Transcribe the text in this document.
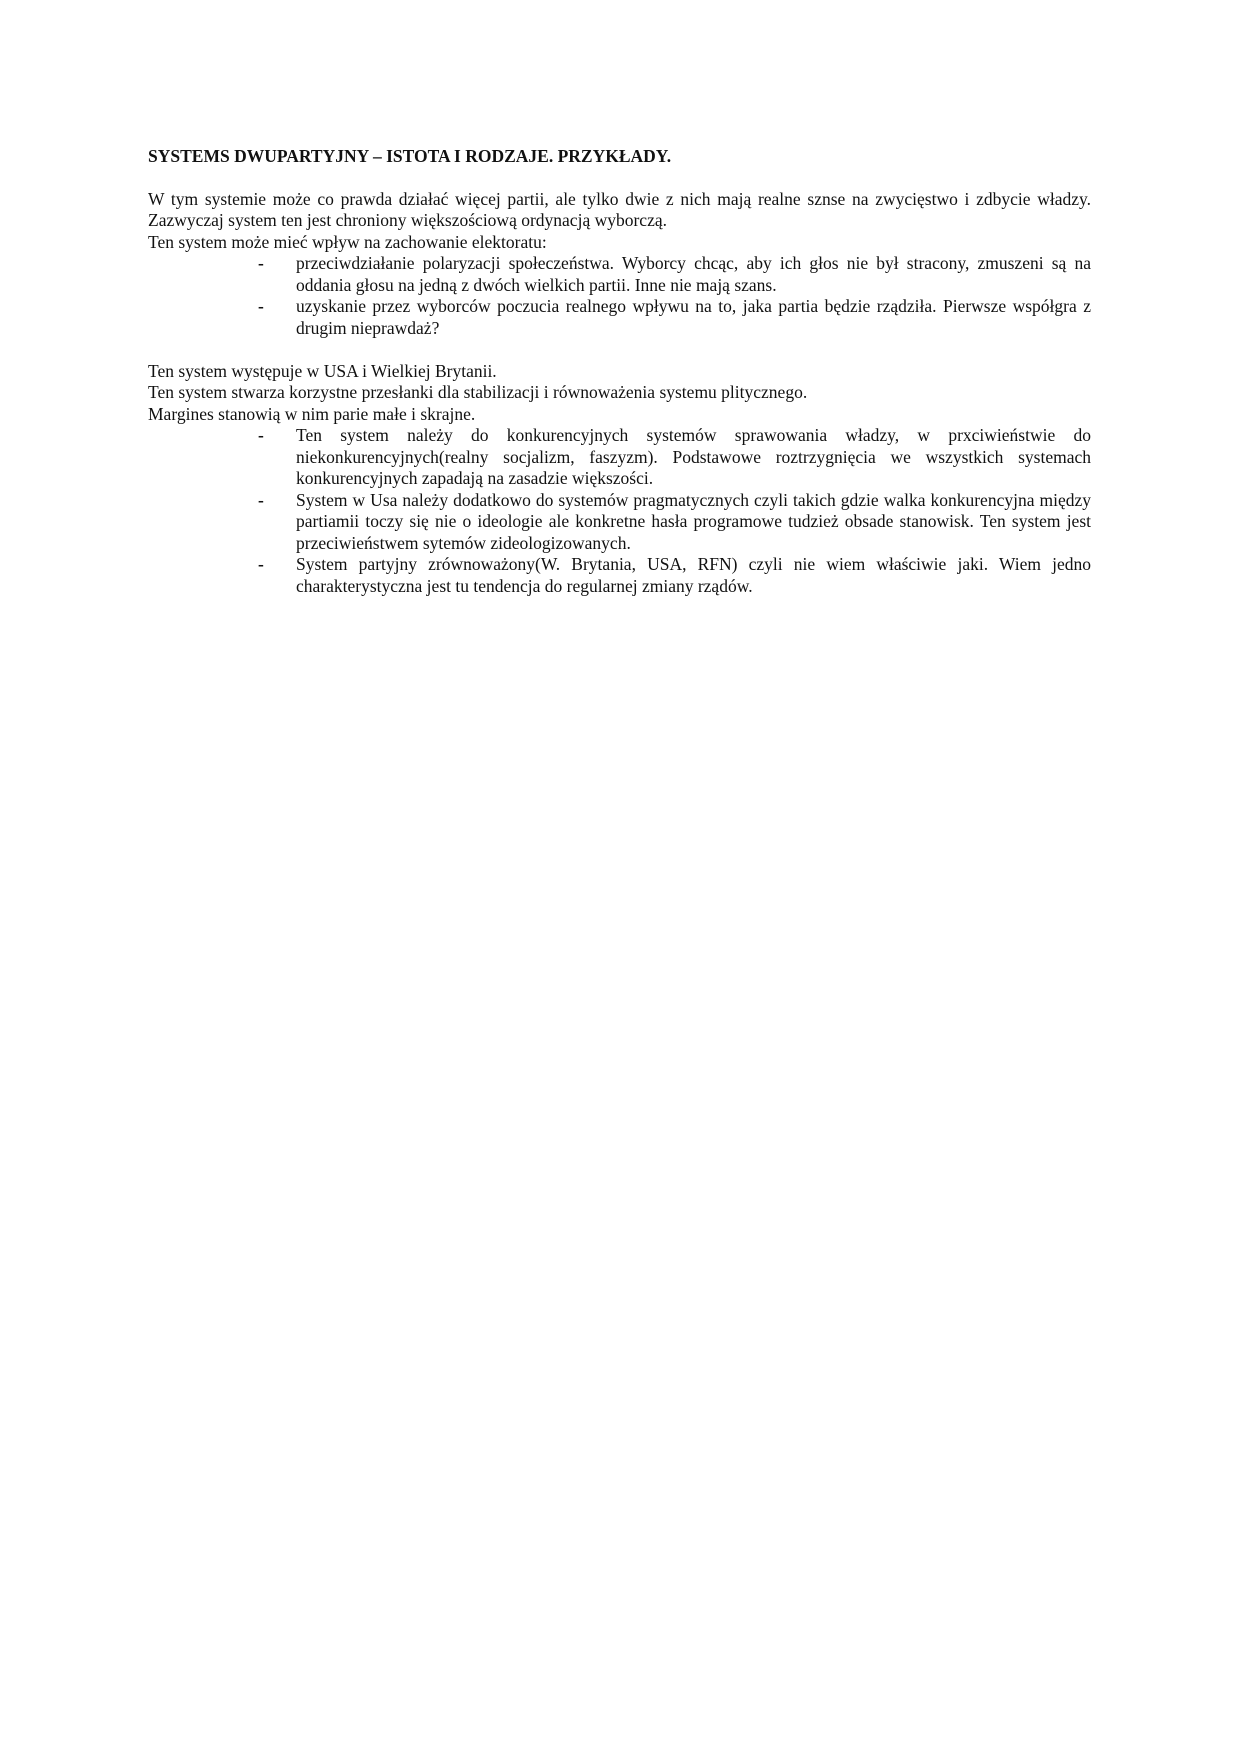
SYSTEMS DWUPARTYJNY – ISTOTA I RODZAJE. PRZYKŁADY.

W tym systemie może co prawda działać więcej partii, ale tylko dwie z nich mają realne sznse na zwycięstwo i zdbycie władzy. Zazwyczaj system ten jest chroniony większościową ordynacją wyborczą.

Ten system może mieć wpływ na zachowanie elektoratu:

- przeciwdziałanie polaryzacji społeczeństwa. Wyborcy chcąc, aby ich głos nie był stracony, zmuszeni są na oddania głosu na jedną z dwóch wielkich partii. Inne nie mają szans.
- uzyskanie przez wyborców poczucia realnego wpływu na to, jaka partia będzie rządziła. Pierwsze współgra z drugim nieprawdaż?

Ten system występuje w USA i Wielkiej Brytanii.

Ten system stwarza korzystne przesłanki dla stabilizacji i równoważenia systemu plitycznego.

Margines stanowią w nim parie małe i skrajne.

- Ten system należy do konkurencyjnych systemów sprawowania władzy, w prxciwieństwie do niekonkurencyjnych(realny socjalizm, faszyzm). Podstawowe roztrzygnięcia we wszystkich systemach konkurencyjnych zapadają na zasadzie większości.
- System w Usa należy dodatkowo do systemów pragmatycznych czyli takich gdzie walka konkurencyjna między partiamii toczy się nie o ideologie ale konkretne hasła programowe tudzież obsade stanowisk. Ten system jest przeciwieństwem sytemów zideologizowanych.
- System partyjny zrównoważony(W. Brytania, USA, RFN) czyli nie wiem właściwie jaki. Wiem jedno charakterystyczna jest tu tendencja do regularnej zmiany rządów.
